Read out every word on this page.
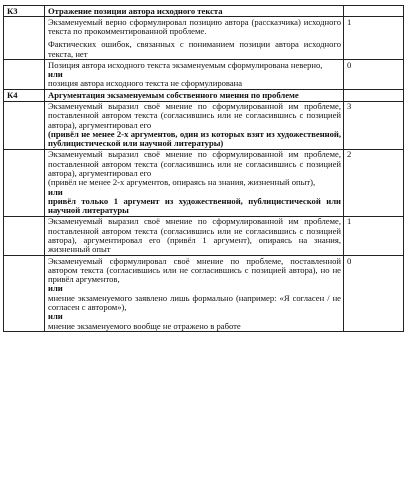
К3	Отражение позиции автора исходного текста	

	Экзаменуемый верно сформулировал позицию автора (рассказчика) исходного текста по прокомментированной проблеме.

Фактических ошибок, связанных с пониманием позиции автора исходного текста, нет	1

	Позиция автора исходного текста экзаменуемым сформулирована неверно,

или

позиция автора исходного текста не сформулирована	0
К4	Аргументация экзаменуемым собственного мнения по проблеме	

	Экзаменуемый выразил своё мнение по сформулированной им проблеме, поставленной автором текста (согласившись или не согласившись с позицией автора), аргументировал его

(привёл не менее 2-х аргументов, один из которых взят из художественной, публицистической или научной литературы)	3

	Экзаменуемый выразил своё мнение по сформулированной им проблеме, поставленной автором текста (согласившись или не согласившись с позицией автора), аргументировал его

(привёл не менее 2-х аргументов, опираясь на знания, жизненный опыт),

или

привёл только 1 аргумент из художественной, публицистической или научной литературы	2

	Экзаменуемый выразил своё мнение по сформулированной им проблеме, поставленной автором текста (согласившись или не согласившись с позицией автора), аргументировал его (привёл 1 аргумент), опираясь на знания, жизненный опыт	1

	Экзаменуемый сформулировал своё мнение по проблеме, поставленной автором текста (согласившись или не согласившись с позицией автора), но не привёл аргументов,

или

мнение экзаменуемого заявлено лишь формально (например: «Я согласен / не согласен с автором»),

или

мнение экзаменуемого вообще не отражено в работе	0
